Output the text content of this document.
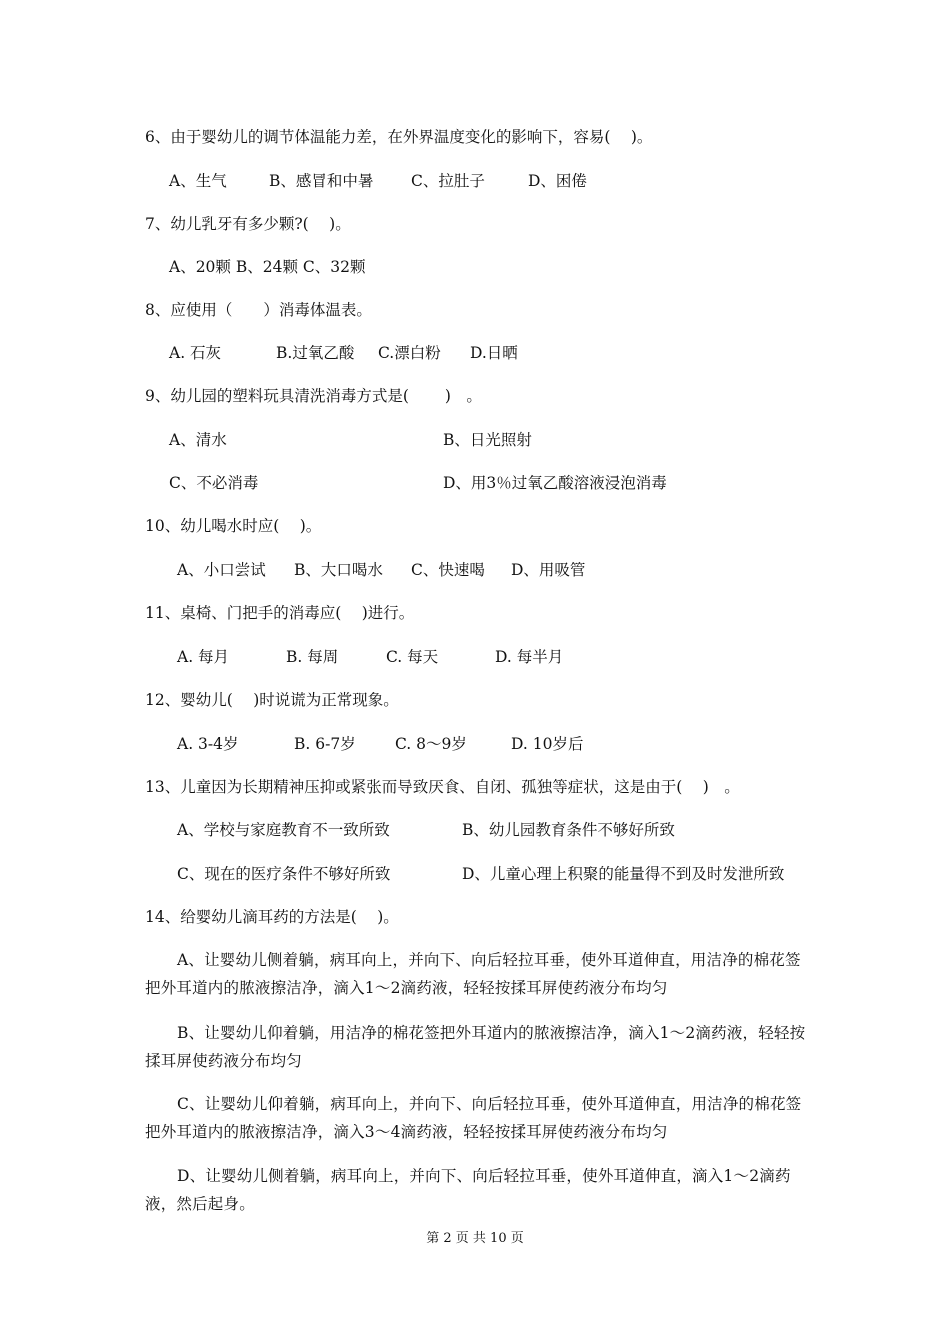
6、由于婴幼儿的调节体温能力差，在外界温度变化的影响下，容易(　 )。
A、生气	B、感冒和中暑 C、拉肚子	D、困倦
7、幼儿乳牙有多少颗?(　 )。
A、20颗 B、24颗 C、32颗
8、应使用（　　）消毒体温表。
A. 石灰	B.过氧乙酸 C.漂白粉 D.日晒
9、幼儿园的塑料玩具清洗消毒方式是(　　 )　。
A、清水	B、日光照射
C、不必消毒	D、用3％过氧乙酸溶液浸泡消毒
10、幼儿喝水时应(　 )。
A、小口尝试 B、大口喝水 C、快速喝 D、用吸管
11、桌椅、门把手的消毒应(　 )进行。
A. 每月	B. 每周	C. 每天	D. 每半月
12、婴幼儿(　 )时说谎为正常现象。
A. 3-4岁	B. 6-7岁	C. 8～9岁	D. 10岁后
13、儿童因为长期精神压抑或紧张而导致厌食、自闭、孤独等症状，这是由于(　 )　。
A、学校与家庭教育不一致所致	B、幼儿园教育条件不够好所致
C、现在的医疗条件不够好所致	D、儿童心理上积聚的能量得不到及时发泄所致
14、给婴幼儿滴耳药的方法是(　 )。
A、让婴幼儿侧着躺，病耳向上，并向下、向后轻拉耳垂，使外耳道伸直，用洁净的棉花签把外耳道内的脓液擦洁净，滴入1～2滴药液，轻轻按揉耳屏使药液分布均匀
B、让婴幼儿仰着躺，用洁净的棉花签把外耳道内的脓液擦洁净，滴入1～2滴药液，轻轻按揉耳屏使药液分布均匀
C、让婴幼儿仰着躺，病耳向上，并向下、向后轻拉耳垂，使外耳道伸直，用洁净的棉花签把外耳道内的脓液擦洁净，滴入3～4滴药液，轻轻按揉耳屏使药液分布均匀
D、让婴幼儿侧着躺，病耳向上，并向下、向后轻拉耳垂，使外耳道伸直，滴入1～2滴药液，然后起身。
第 2 页 共 10 页
